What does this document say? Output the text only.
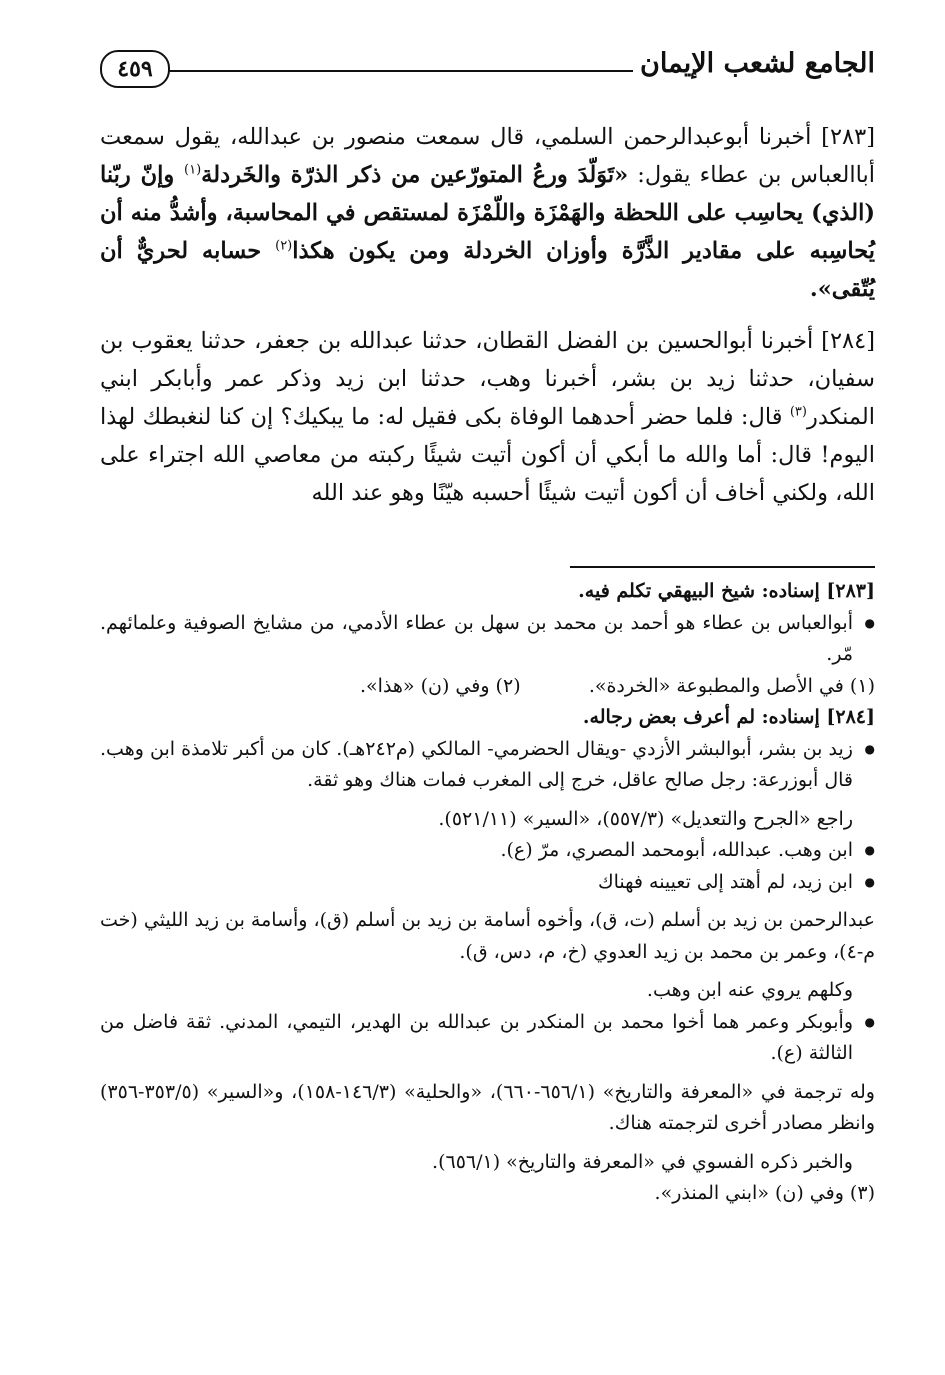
الجامع لشعب الإيمان
٤٥٩

[٢٨٣] أخبرنا أبوعبدالرحمن السلمي، قال سمعت منصور بن عبدالله، يقول سمعت أباالعباس بن عطاء يقول: «تَوَلّدَ ورعُ المتورّعين من ذكر الذرّة والخَردلة$^{(١)}$ وإنّ ربّنا (الذي) يحاسِب على اللحظة والهَمْزَة واللّمْزَة لمستقص في المحاسبة، وأشدُّ منه أن يُحاسِبه على مقادير الذَّرَّة وأوزان الخردلة ومن يكون هكذا$^{(٢)}$ حسابه لحريٌّ أن يُتّقى».

[٢٨٤] أخبرنا أبوالحسين بن الفضل القطان، حدثنا عبدالله بن جعفر، حدثنا يعقوب بن سفيان، حدثنا زيد بن بشر، أخبرنا وهب، حدثنا ابن زيد وذكر عمر وأبابكر ابني المنكدر$^{(٣)}$ قال: فلما حضر أحدهما الوفاة بكى فقيل له: ما يبكيك؟ إن كنا لنغبطك لهذا اليوم! قال: أما والله ما أبكي أن أكون أتيت شيئًا ركبته من معاصي الله اجتراء على الله، ولكني أخاف أن أكون أتيت شيئًا أحسبه هيّنًا وهو عند الله

[٢٨٣] إسناده: شيخ البيهقي تكلم فيه.
● أبوالعباس بن عطاء هو أحمد بن محمد بن سهل بن عطاء الأدمي، من مشايخ الصوفية وعلمائهم. مّر.
(١) في الأصل والمطبوعة «الخردة».
(٢) وفي (ن) «هذا».
[٢٨٤] إسناده: لم أعرف بعض رجاله.
● زيد بن بشر، أبوالبشر الأزدي -ويقال الحضرمي- المالكي (م٢٤٢هـ). كان من أكبر تلامذة ابن وهب. قال أبوزرعة: رجل صالح عاقل، خرج إلى المغرب فمات هناك وهو ثقة.
راجع «الجرح والتعديل» (٥٥٧/٣)، «السير» (٥٢١/١١).
● ابن وهب. عبدالله، أبومحمد المصري، مرّ (ع).
● ابن زيد، لم أهتد إلى تعيينه فهناك
عبدالرحمن بن زيد بن أسلم (ت، ق)، وأخوه أسامة بن زيد بن أسلم (ق)، وأسامة بن زيد الليثي (خت م-٤)، وعمر بن محمد بن زيد العدوي (خ، م، دس، ق).
وكلهم يروي عنه ابن وهب.
● وأبوبكر وعمر هما أخوا محمد بن المنكدر بن عبدالله بن الهدير، التيمي، المدني. ثقة فاضل من الثالثة (ع).
وله ترجمة في «المعرفة والتاريخ» (٦٥٦/١-٦٦٠)، «والحلية» (١٤٦/٣-١٥٨)، و«السير» (٣٥٣/٥-٣٥٦) وانظر مصادر أخرى لترجمته هناك.
والخبر ذكره الفسوي في «المعرفة والتاريخ» (٦٥٦/١).
(٣) وفي (ن) «ابني المنذر».
